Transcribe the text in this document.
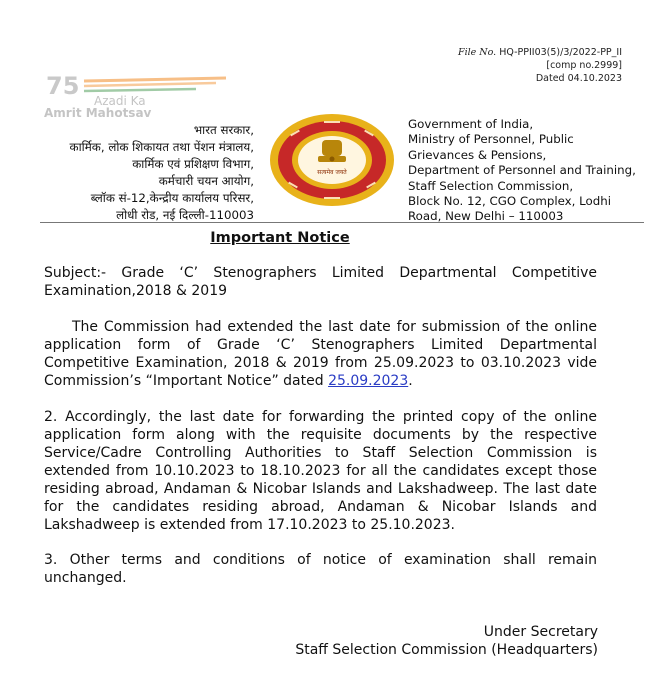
File No. HQ-PPII03(5)/3/2022-PP_II
[comp no.2999]
Dated 04.10.2023
75
Azadi Ka
Amrit Mahotsav
भारत सरकार,
कार्मिक, लोक शिकायत तथा पेंशन मंत्रालय,
कार्मिक एवं प्रशिक्षण विभाग,
कर्मचारी चयन आयोग,
ब्लॉक सं-12,केन्द्रीय कार्यालय परिसर,
लोधी रोड, नई दिल्ली-110003
सत्यमेव जयते
Government of India,
Ministry of Personnel, Public
Grievances & Pensions,
Department of Personnel and Training,
Staff Selection Commission,
Block No. 12, CGO Complex, Lodhi
Road, New Delhi – 110003
Important Notice
Subject:- Grade ‘C’ Stenographers Limited Departmental Competitive Examination,2018 & 2019
The Commission had extended the last date for submission of the online application form of Grade ‘C’ Stenographers Limited Departmental Competitive Examination, 2018 & 2019 from 25.09.2023 to 03.10.2023 vide Commission’s “Important Notice” dated 25.09.2023.
2. Accordingly, the last date for forwarding the printed copy of the online application form along with the requisite documents by the respective Service/Cadre Controlling Authorities to Staff Selection Commission is extended from 10.10.2023 to 18.10.2023 for all the candidates except those residing abroad, Andaman & Nicobar Islands and Lakshadweep. The last date for the candidates residing abroad, Andaman & Nicobar Islands and Lakshadweep is extended from 17.10.2023 to 25.10.2023.
3. Other terms and conditions of notice of examination shall remain unchanged.
Under Secretary
Staff Selection Commission (Headquarters)
